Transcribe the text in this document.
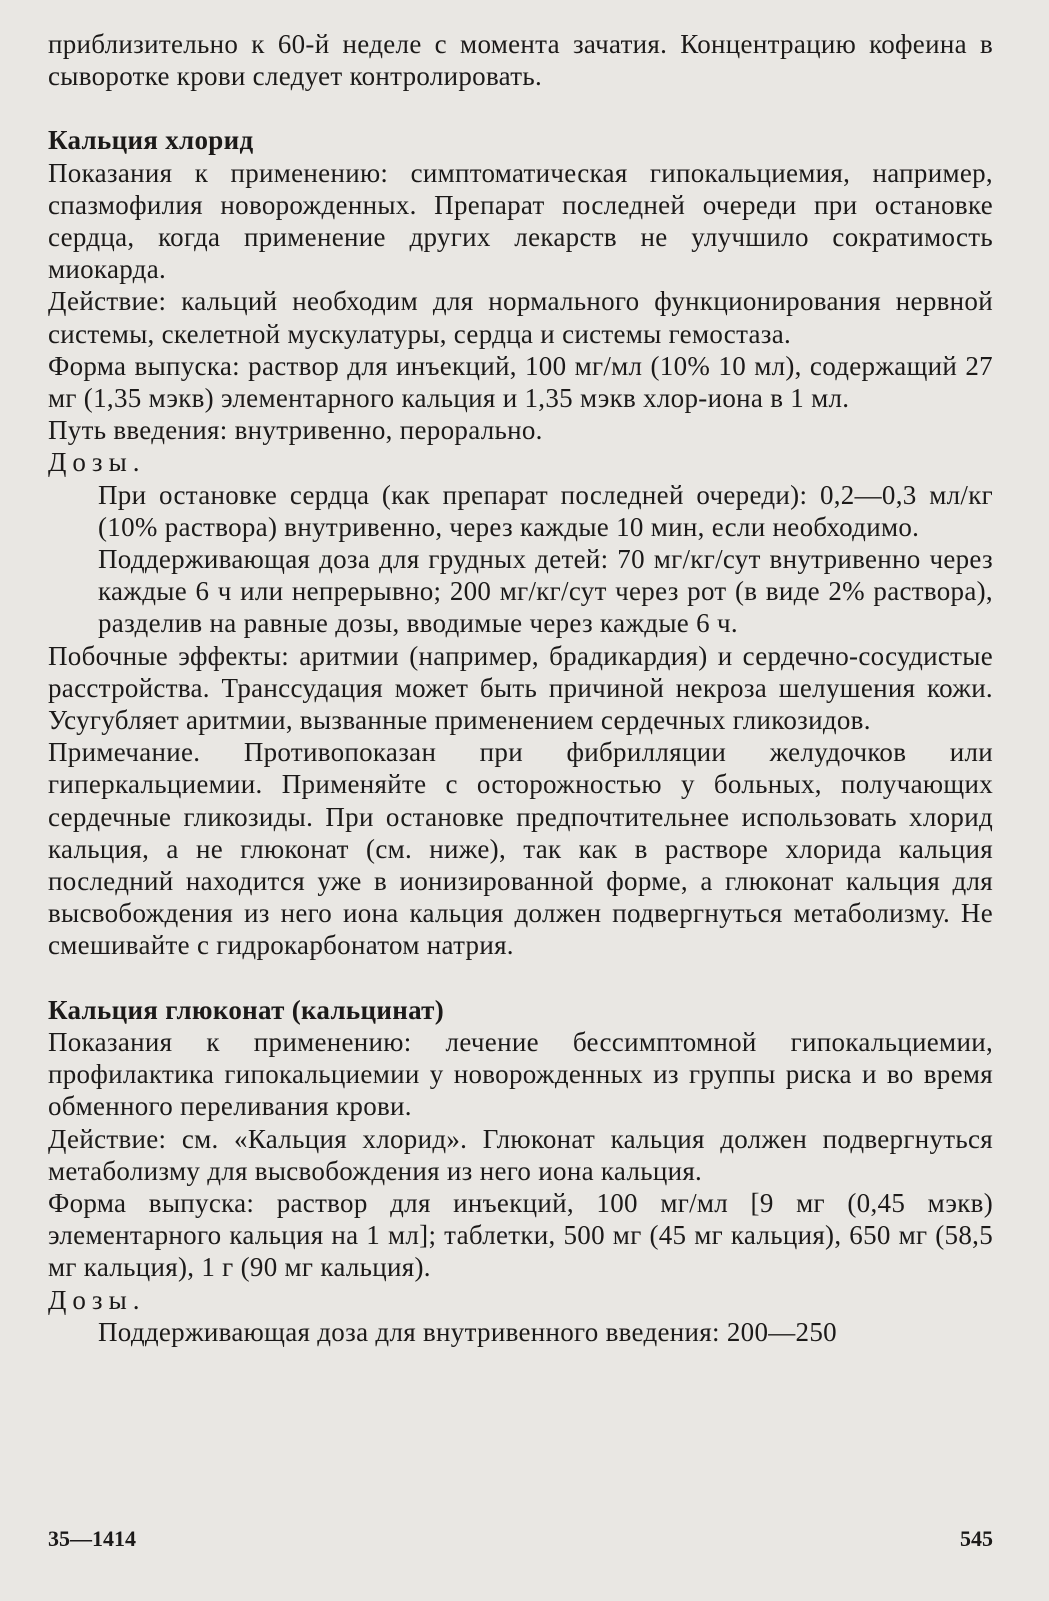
приблизительно к 60-й неделе с момента зачатия. Концентрацию кофеина в сыворотке крови следует контролировать.

Кальция хлорид

Показания к применению: симптоматическая гипокальциемия, например, спазмофилия новорожденных. Препарат последней очереди при остановке сердца, когда применение других лекарств не улучшило сократимость миокарда.

Действие: кальций необходим для нормального функционирования нервной системы, скелетной мускулатуры, сердца и системы гемостаза.

Форма выпуска: раствор для инъекций, 100 мг/мл (10% 10 мл), содержащий 27 мг (1,35 мэкв) элементарного кальция и 1,35 мэкв хлор-иона в 1 мл.

Путь введения: внутривенно, перорально.

Дозы.

При остановке сердца (как препарат последней очереди): 0,2—0,3 мл/кг (10% раствора) внутривенно, через каждые 10 мин, если необходимо.

Поддерживающая доза для грудных детей: 70 мг/кг/сут внутривенно через каждые 6 ч или непрерывно; 200 мг/кг/сут через рот (в виде 2% раствора), разделив на равные дозы, вводимые через каждые 6 ч.

Побочные эффекты: аритмии (например, брадикардия) и сердечно-сосудистые расстройства. Транссудация может быть причиной некроза шелушения кожи. Усугубляет аритмии, вызванные применением сердечных гликозидов.

Примечание. Противопоказан при фибрилляции желудочков или гиперкальциемии. Применяйте с осторожностью у больных, получающих сердечные гликозиды. При остановке предпочтительнее использовать хлорид кальция, а не глюконат (см. ниже), так как в растворе хлорида кальция последний находится уже в ионизированной форме, а глюконат кальция для высвобождения из него иона кальция должен подвергнуться метаболизму. Не смешивайте с гидрокарбонатом натрия.

Кальция глюконат (кальцинат)

Показания к применению: лечение бессимптомной гипокальциемии, профилактика гипокальциемии у новорожденных из группы риска и во время обменного переливания крови.

Действие: см. «Кальция хлорид». Глюконат кальция должен подвергнуться метаболизму для высвобождения из него иона кальция.

Форма выпуска: раствор для инъекций, 100 мг/мл [9 мг (0,45 мэкв) элементарного кальция на 1 мл]; таблетки, 500 мг (45 мг кальция), 650 мг (58,5 мг кальция), 1 г (90 мг кальция).

Дозы.

Поддерживающая доза для внутривенного введения: 200—250

35—1414	545
